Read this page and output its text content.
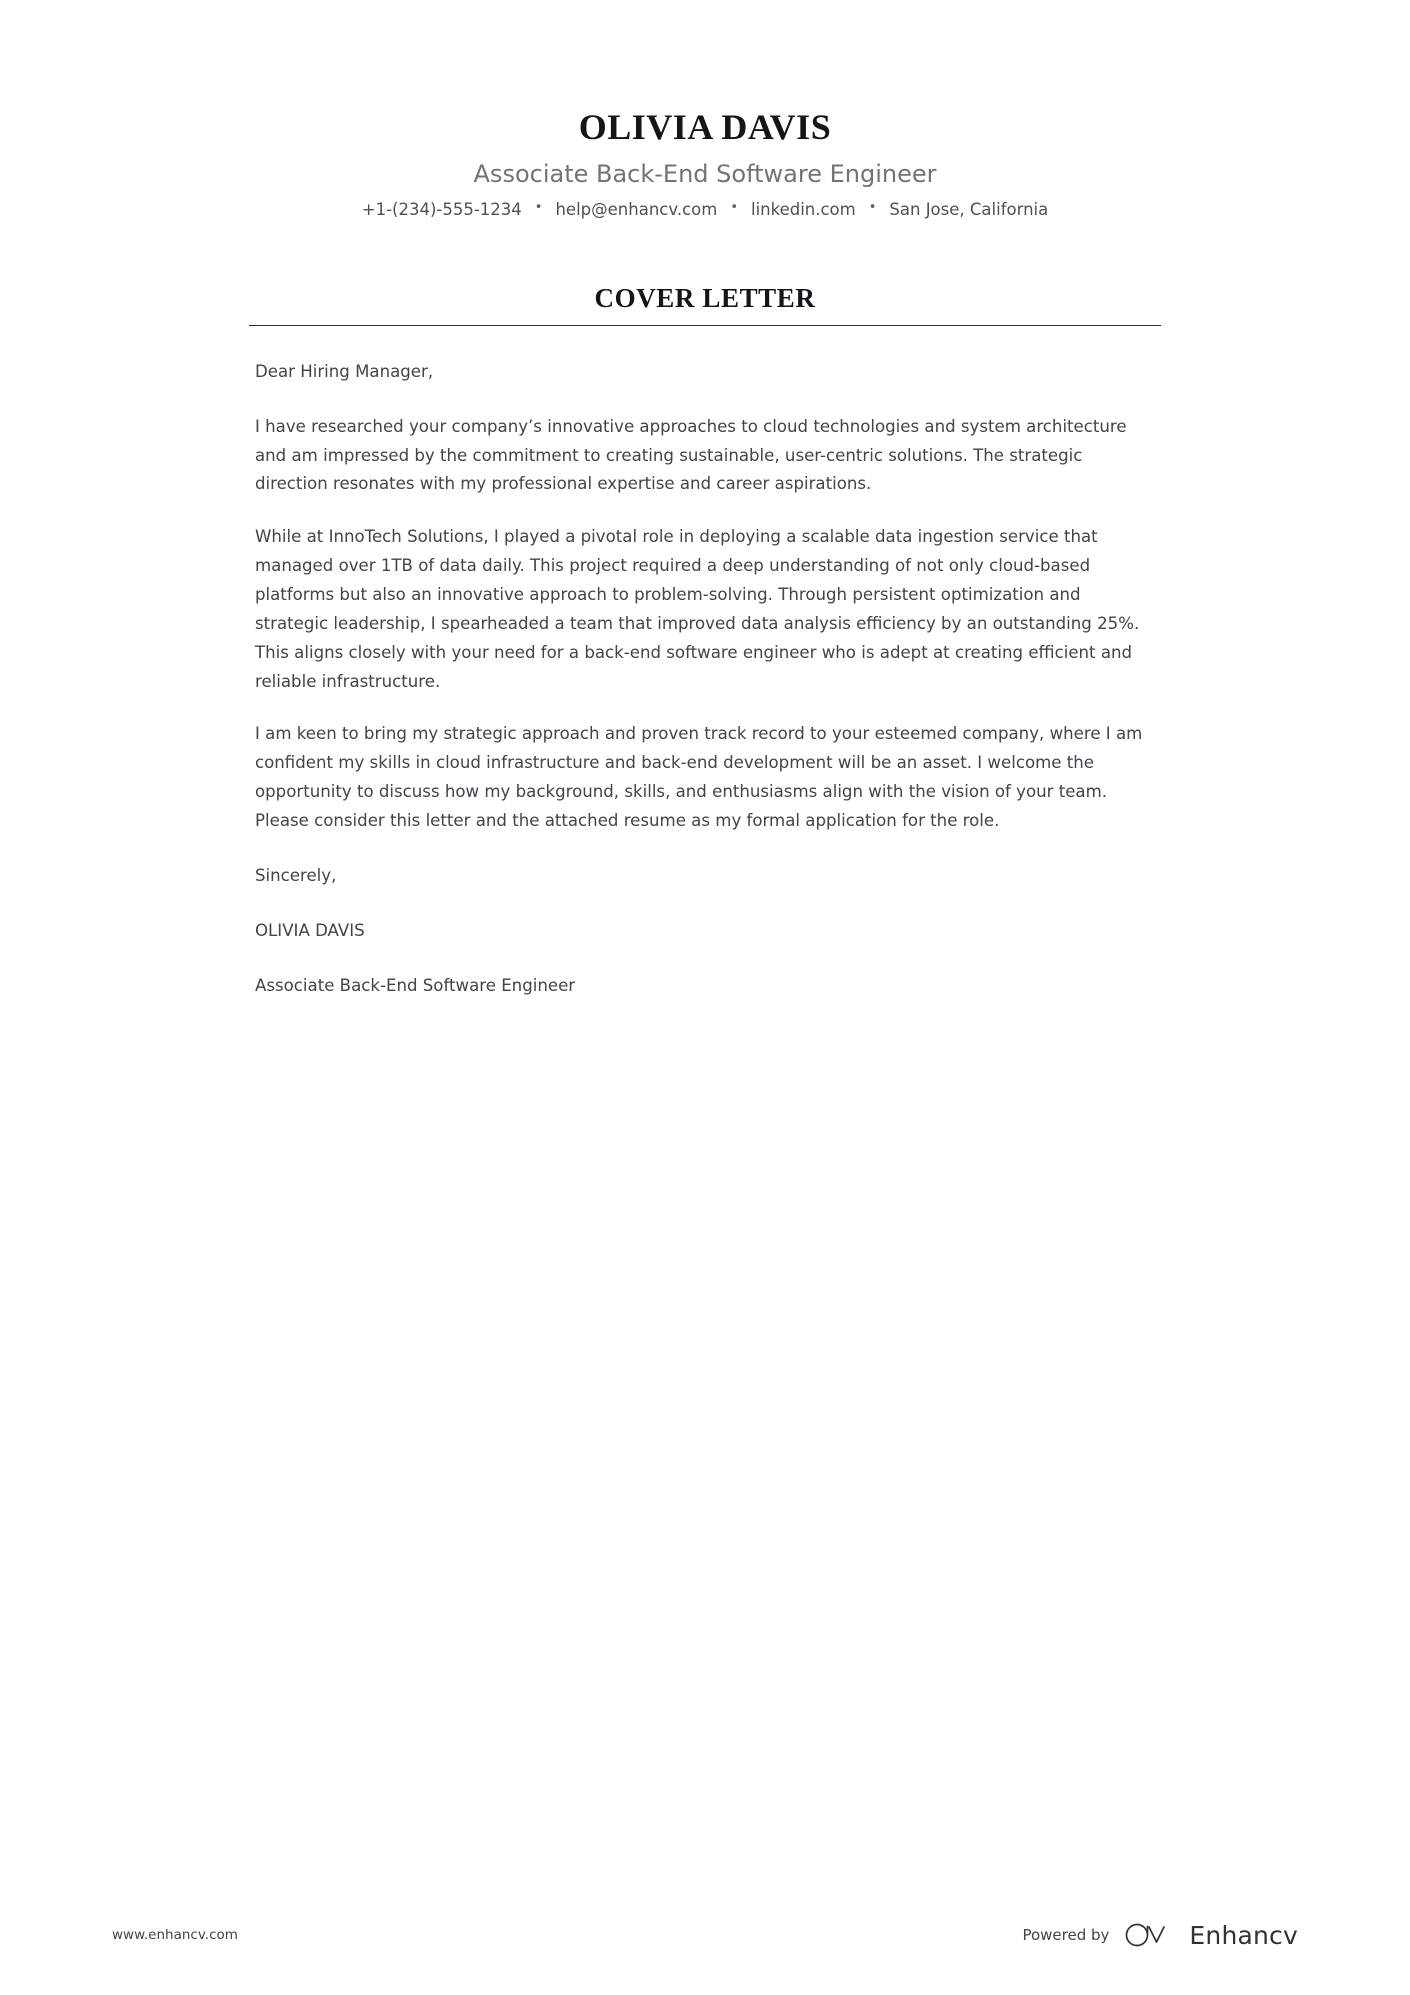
OLIVIA DAVIS
Associate Back-End Software Engineer
+1-(234)-555-1234	• help@enhancv.com	• linkedin.com	• San Jose, California
COVER LETTER
Dear Hiring Manager,
I have researched your company’s innovative approaches to cloud technologies and system architecture and am impressed by the commitment to creating sustainable, user-centric solutions. The strategic direction resonates with my professional expertise and career aspirations.
While at InnoTech Solutions, I played a pivotal role in deploying a scalable data ingestion service that managed over 1TB of data daily. This project required a deep understanding of not only cloud-based platforms but also an innovative approach to problem-solving. Through persistent optimization and strategic leadership, I spearheaded a team that improved data analysis efficiency by an outstanding 25%. This aligns closely with your need for a back-end software engineer who is adept at creating efficient and reliable infrastructure.
I am keen to bring my strategic approach and proven track record to your esteemed company, where I am confident my skills in cloud infrastructure and back-end development will be an asset. I welcome the opportunity to discuss how my background, skills, and enthusiasms align with the vision of your team. Please consider this letter and the attached resume as my formal application for the role.
Sincerely,
OLIVIA DAVIS
Associate Back-End Software Engineer
www.enhancv.com	Powered by	Enhancv
